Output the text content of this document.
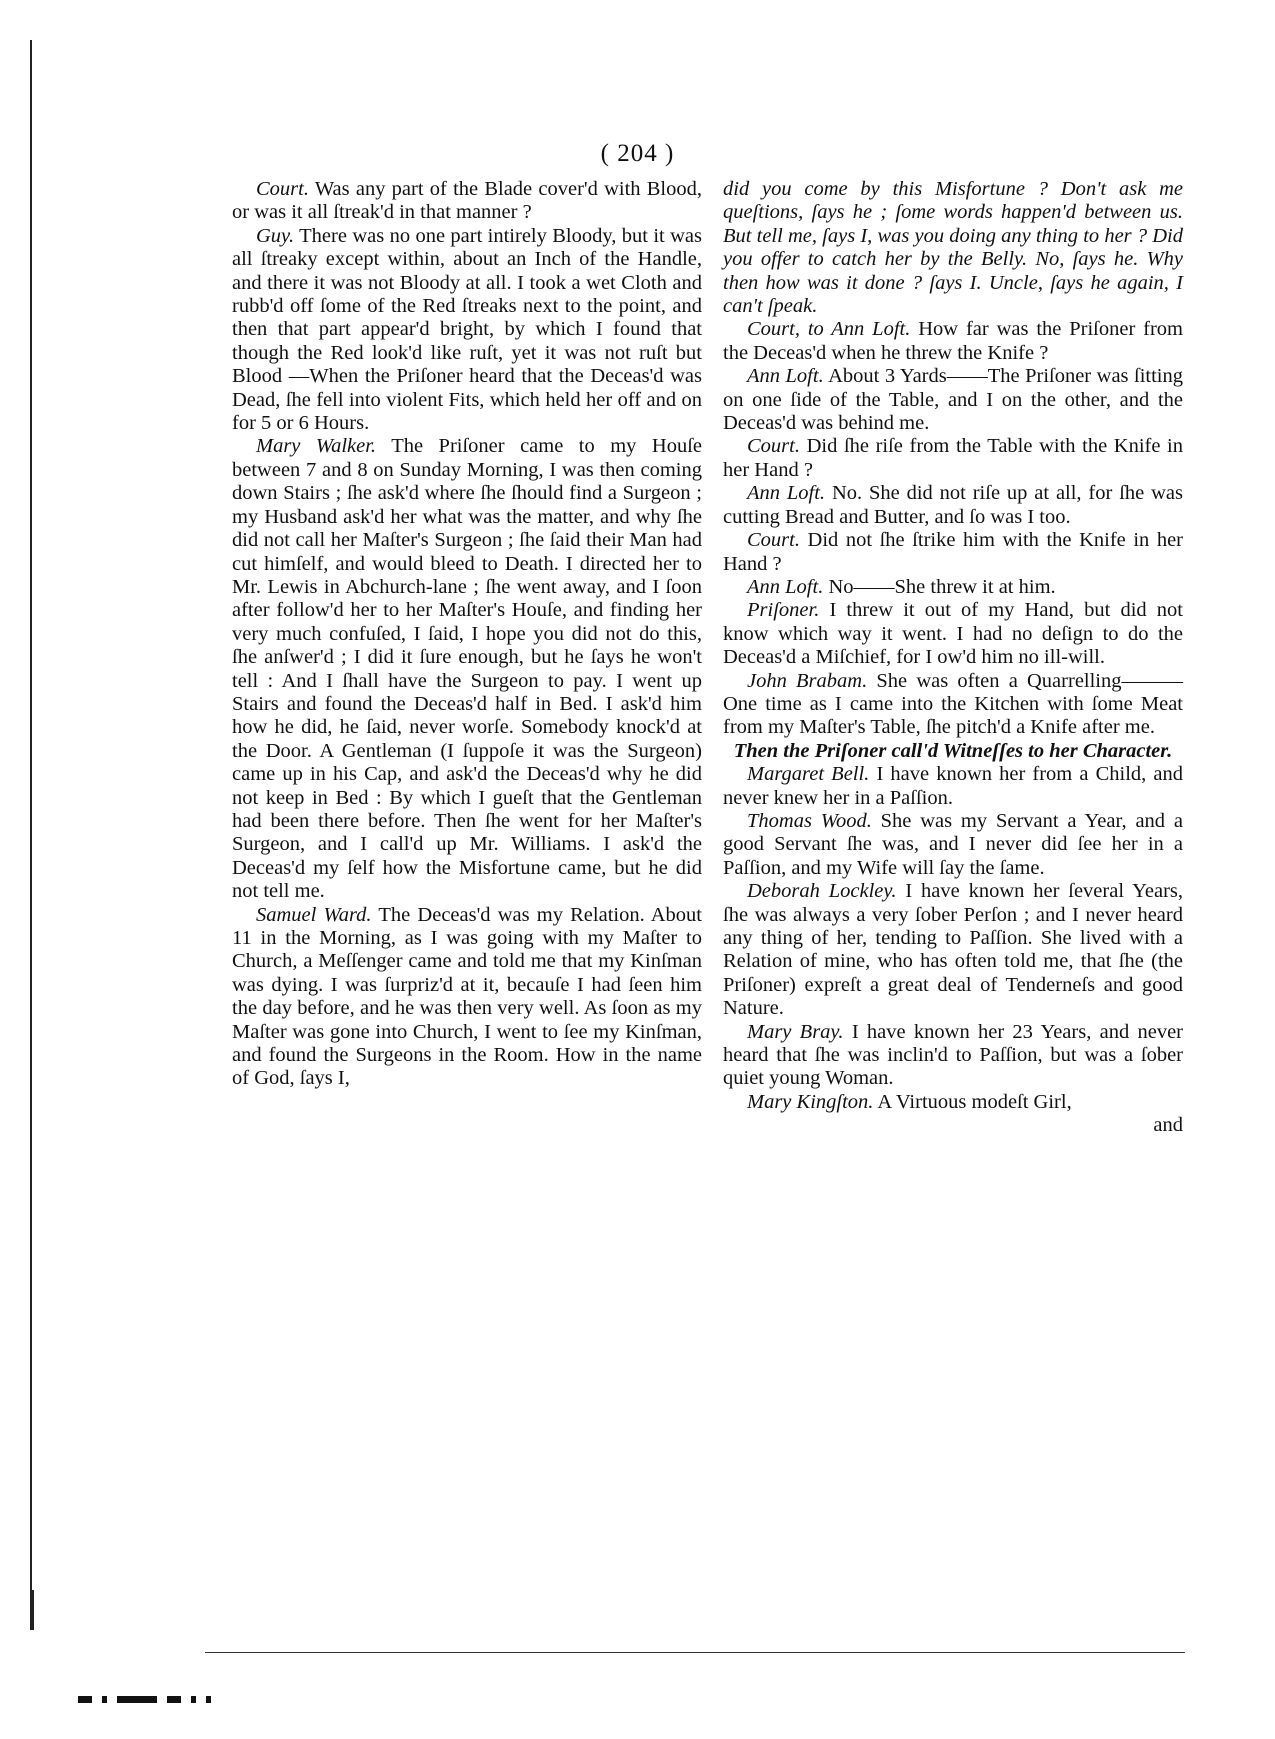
( 204 )

Court. Was any part of the Blade cover'd with Blood, or was it all ſtreak'd in that manner ?

Guy. There was no one part intirely Bloody, but it was all ſtreaky except within, about an Inch of the Handle, and there it was not Bloody at all. I took a wet Cloth and rubb'd off ſome of the Red ſtreaks next to the point, and then that part appear'd bright, by which I found that though the Red look'd like ruſt, yet it was not ruſt but Blood —When the Priſoner heard that the Deceas'd was Dead, ſhe fell into violent Fits, which held her off and on for 5 or 6 Hours.

Mary Walker. The Priſoner came to my Houſe between 7 and 8 on Sunday Morning, I was then coming down Stairs ; ſhe ask'd where ſhe ſhould find a Surgeon ; my Husband ask'd her what was the matter, and why ſhe did not call her Maſter's Surgeon ; ſhe ſaid their Man had cut himſelf, and would bleed to Death. I directed her to Mr. Lewis in Abchurch-lane ; ſhe went away, and I ſoon after follow'd her to her Maſter's Houſe, and finding her very much confuſed, I ſaid, I hope you did not do this, ſhe anſwer'd ; I did it ſure enough, but he ſays he won't tell : And I ſhall have the Surgeon to pay. I went up Stairs and found the Deceas'd half in Bed. I ask'd him how he did, he ſaid, never worſe. Somebody knock'd at the Door. A Gentleman (I ſuppoſe it was the Surgeon) came up in his Cap, and ask'd the Deceas'd why he did not keep in Bed : By which I gueſt that the Gentleman had been there before. Then ſhe went for her Maſter's Surgeon, and I call'd up Mr. Williams. I ask'd the Deceas'd my ſelf how the Misfortune came, but he did not tell me.

Samuel Ward. The Deceas'd was my Relation. About 11 in the Morning, as I was going with my Maſter to Church, a Meſſenger came and told me that my Kinſman was dying. I was ſurpriz'd at it, becauſe I had ſeen him the day before, and he was then very well. As ſoon as my Maſter was gone into Church, I went to ſee my Kinſman, and found the Surgeons in the Room. How in the name of God, ſays I,

did you come by this Misfortune ? Don't ask me queſtions, ſays he ; ſome words happen'd between us. But tell me, ſays I, was you doing any thing to her ? Did you offer to catch her by the Belly. No, ſays he. Why then how was it done ? ſays I. Uncle, ſays he again, I can't ſpeak.

Court, to Ann Loft. How far was the Priſoner from the Deceas'd when he threw the Knife ?

Ann Loft. About 3 Yards——The Priſoner was ſitting on one ſide of the Table, and I on the other, and the Deceas'd was behind me.

Court. Did ſhe riſe from the Table with the Knife in her Hand ?

Ann Loft. No. She did not riſe up at all, for ſhe was cutting Bread and Butter, and ſo was I too.

Court. Did not ſhe ſtrike him with the Knife in her Hand ?

Ann Loft. No——She threw it at him.

Priſoner. I threw it out of my Hand, but did not know which way it went. I had no deſign to do the Deceas'd a Miſchief, for I ow'd him no ill-will.

John Brabam. She was often a Quarrelling———One time as I came into the Kitchen with ſome Meat from my Maſter's Table, ſhe pitch'd a Knife after me.

Then the Priſoner call'd Witneſſes to her Character.

Margaret Bell. I have known her from a Child, and never knew her in a Paſſion.

Thomas Wood. She was my Servant a Year, and a good Servant ſhe was, and I never did ſee her in a Paſſion, and my Wife will ſay the ſame.

Deborah Lockley. I have known her ſeveral Years, ſhe was always a very ſober Perſon ; and I never heard any thing of her, tending to Paſſion. She lived with a Relation of mine, who has often told me, that ſhe (the Priſoner) expreſt a great deal of Tenderneſs and good Nature.

Mary Bray. I have known her 23 Years, and never heard that ſhe was inclin'd to Paſſion, but was a ſober quiet young Woman.

Mary Kingſton. A Virtuous modeſt Girl,

and
